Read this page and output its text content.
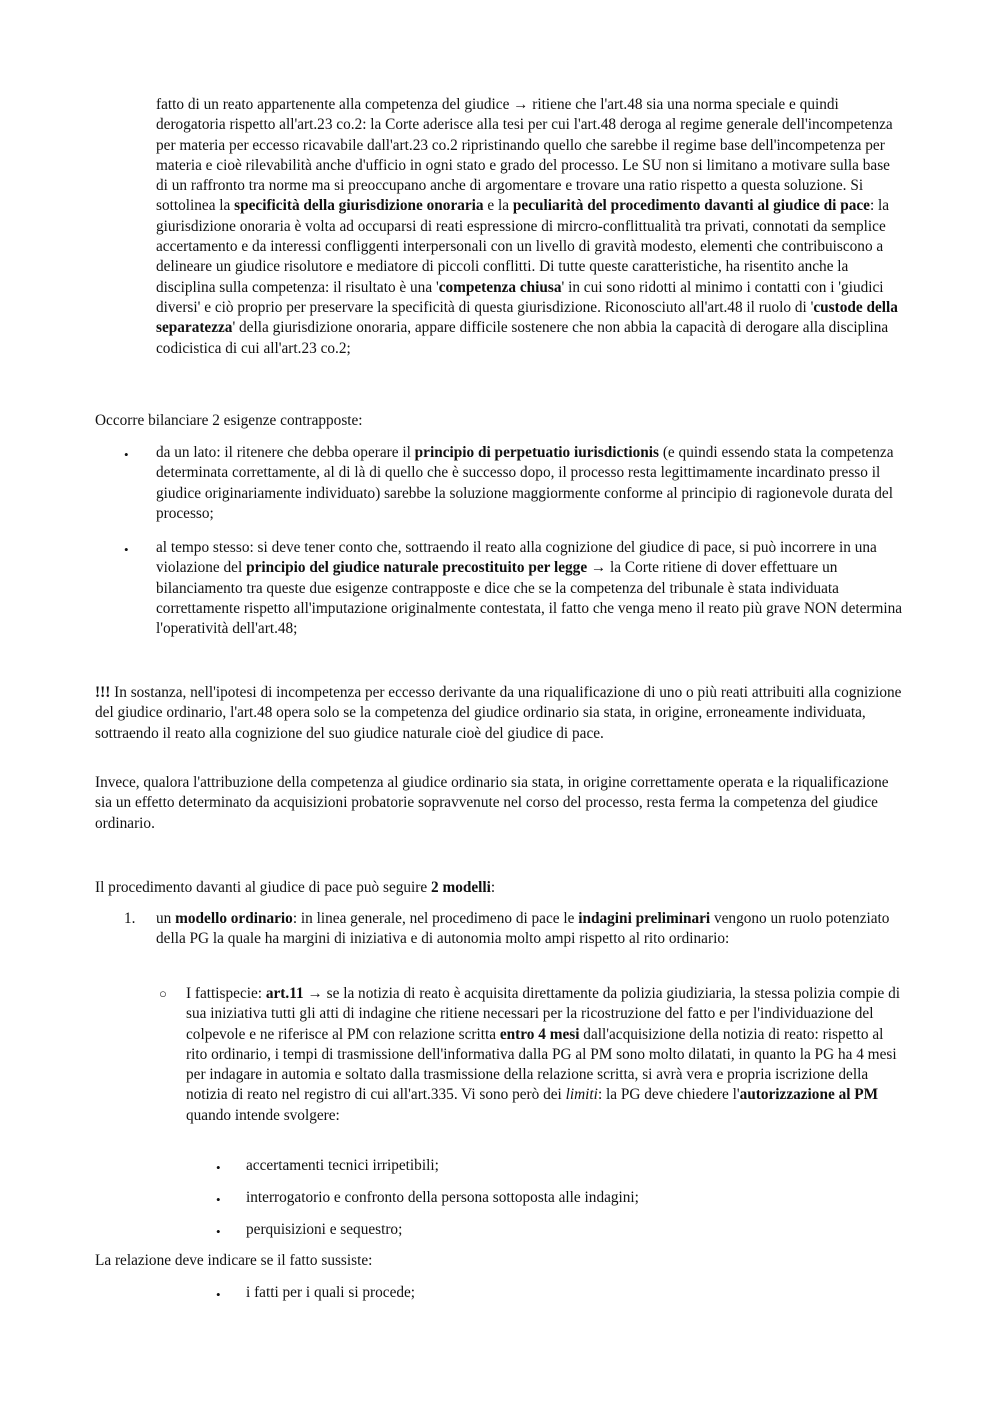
fatto di un reato appartenente alla competenza del giudice → ritiene che l'art.48 sia una norma speciale e quindi derogatoria rispetto all'art.23 co.2: la Corte aderisce alla tesi per cui l'art.48 deroga al regime generale dell'incompetenza per materia per eccesso ricavabile dall'art.23 co.2 ripristinando quello che sarebbe il regime base dell'incompetenza per materia e cioè rilevabilità anche d'ufficio in ogni stato e grado del processo. Le SU non si limitano a motivare sulla base di un raffronto tra norme ma si preoccupano anche di argomentare e trovare una ratio rispetto a questa soluzione. Si sottolinea la specificità della giurisdizione onoraria e la peculiarità del procedimento davanti al giudice di pace: la giurisdizione onoraria è volta ad occuparsi di reati espressione di mircro-conflittualità tra privati, connotati da semplice accertamento e da interessi confliggenti interpersonali con un livello di gravità modesto, elementi che contribuiscono a delineare un giudice risolutore e mediatore di piccoli conflitti. Di tutte queste caratteristiche, ha risentito anche la disciplina sulla competenza: il risultato è una 'competenza chiusa' in cui sono ridotti al minimo i contatti con i 'giudici diversi' e ciò proprio per preservare la specificità di questa giurisdizione. Riconosciuto all'art.48 il ruolo di 'custode della separatezza' della giurisdizione onoraria, appare difficile sostenere che non abbia la capacità di derogare alla disciplina codicistica di cui all'art.23 co.2;

Occorre bilanciare 2 esigenze contrapposte:

• da un lato: il ritenere che debba operare il principio di perpetuatio iurisdictionis (e quindi essendo stata la competenza determinata correttamente, al di là di quello che è successo dopo, il processo resta legittimamente incardinato presso il giudice originariamente individuato) sarebbe la soluzione maggiormente conforme al principio di ragionevole durata del processo;

• al tempo stesso: si deve tener conto che, sottraendo il reato alla cognizione del giudice di pace, si può incorrere in una violazione del principio del giudice naturale precostituito per legge → la Corte ritiene di dover effettuare un bilanciamento tra queste due esigenze contrapposte e dice che se la competenza del tribunale è stata individuata correttamente rispetto all'imputazione originalmente contestata, il fatto che venga meno il reato più grave NON determina l'operatività dell'art.48;

!!! In sostanza, nell'ipotesi di incompetenza per eccesso derivante da una riqualificazione di uno o più reati attribuiti alla cognizione del giudice ordinario, l'art.48 opera solo se la competenza del giudice ordinario sia stata, in origine, erroneamente individuata, sottraendo il reato alla cognizione del suo giudice naturale cioè del giudice di pace.

Invece, qualora l'attribuzione della competenza al giudice ordinario sia stata, in origine correttamente operata e la riqualificazione sia un effetto determinato da acquisizioni probatorie sopravvenute nel corso del processo, resta ferma la competenza del giudice ordinario.

Il procedimento davanti al giudice di pace può seguire 2 modelli:

1. un modello ordinario: in linea generale, nel procedimeno di pace le indagini preliminari vengono un ruolo potenziato della PG la quale ha margini di iniziativa e di autonomia molto ampi rispetto al rito ordinario:

○ I fattispecie: art.11 → se la notizia di reato è acquisita direttamente da polizia giudiziaria, la stessa polizia compie di sua iniziativa tutti gli atti di indagine che ritiene necessari per la ricostruzione del fatto e per l'individuazione del colpevole e ne riferisce al PM con relazione scritta entro 4 mesi dall'acquisizione della notizia di reato: rispetto al rito ordinario, i tempi di trasmissione dell'informativa dalla PG al PM sono molto dilatati, in quanto la PG ha 4 mesi per indagare in automia e soltato dalla trasmissione della relazione scritta, si avrà vera e propria iscrizione della notizia di reato nel registro di cui all'art.335. Vi sono però dei limiti: la PG deve chiedere l'autorizzazione al PM quando intende svolgere:

• accertamenti tecnici irripetibili;

• interrogatorio e confronto della persona sottoposta alle indagini;

• perquisizioni e sequestro;

La relazione deve indicare se il fatto sussiste:

• i fatti per i quali si procede;
